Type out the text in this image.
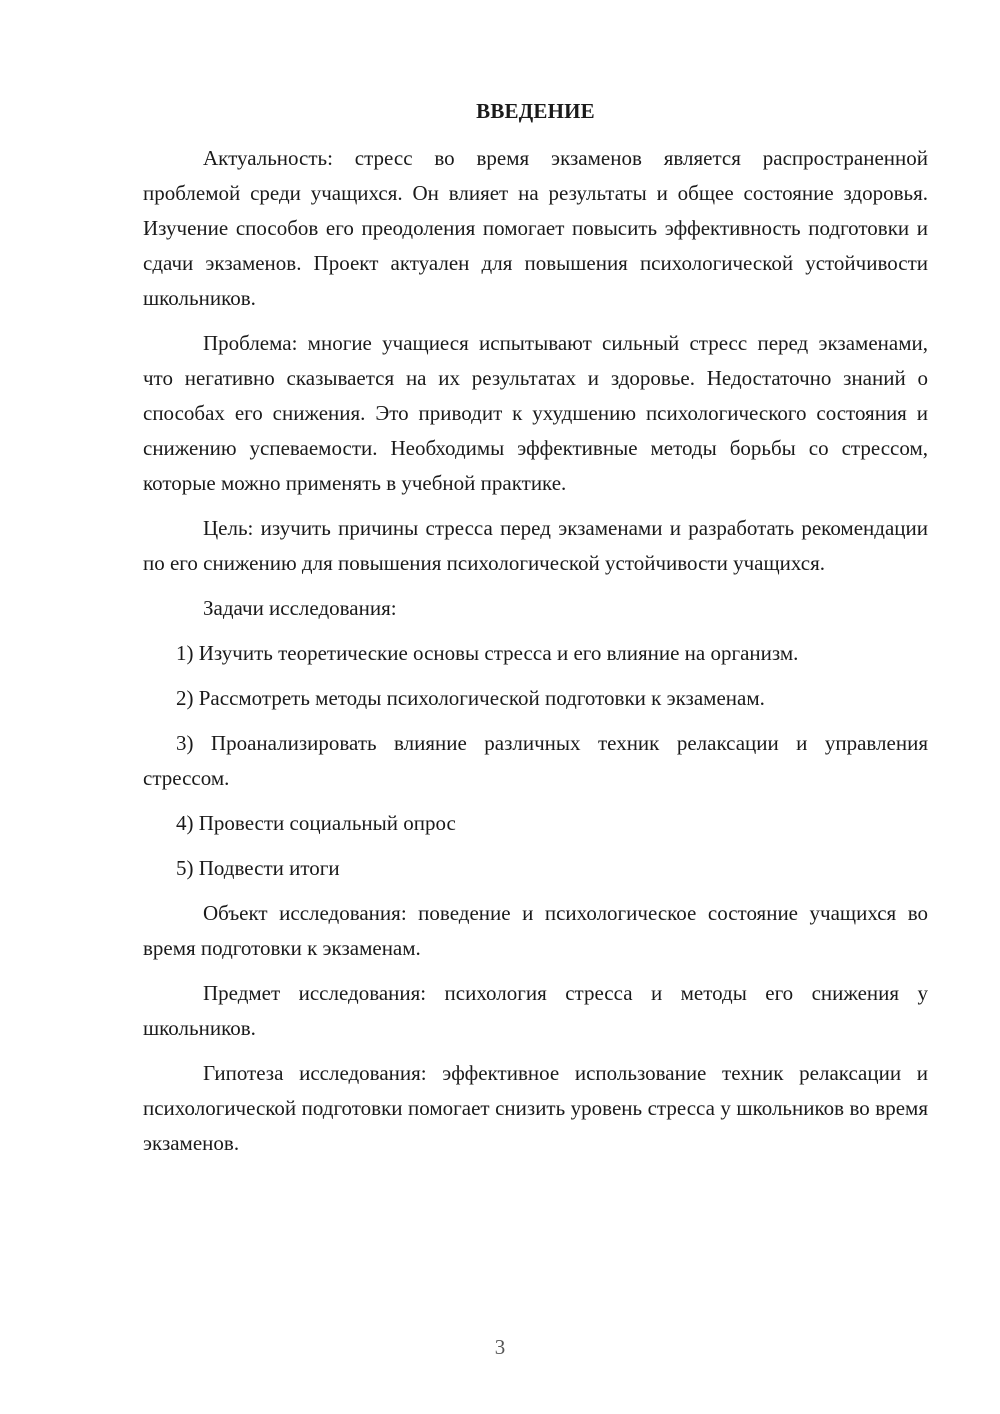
ВВЕДЕНИЕ

Актуальность: стресс во время экзаменов является распространенной проблемой среди учащихся. Он влияет на результаты и общее состояние здоровья. Изучение способов его преодоления помогает повысить эффективность подготовки и сдачи экзаменов. Проект актуален для повышения психологической устойчивости школьников.

Проблема: многие учащиеся испытывают сильный стресс перед экзаменами, что негативно сказывается на их результатах и здоровье. Недостаточно знаний о способах его снижения. Это приводит к ухудшению психологического состояния и снижению успеваемости. Необходимы эффективные методы борьбы со стрессом, которые можно применять в учебной практике.

Цель: изучить причины стресса перед экзаменами и разработать рекомендации по его снижению для повышения психологической устойчивости учащихся.

Задачи исследования:

1) Изучить теоретические основы стресса и его влияние на организм.

2) Рассмотреть методы психологической подготовки к экзаменам.

3) Проанализировать влияние различных техник релаксации и управления стрессом.

4) Провести социальный опрос

5) Подвести итоги

Объект исследования: поведение и психологическое состояние учащихся во время подготовки к экзаменам.

Предмет исследования: психология стресса и методы его снижения у школьников.

Гипотеза исследования: эффективное использование техник релаксации и психологической подготовки помогает снизить уровень стресса у школьников во время экзаменов.

3
